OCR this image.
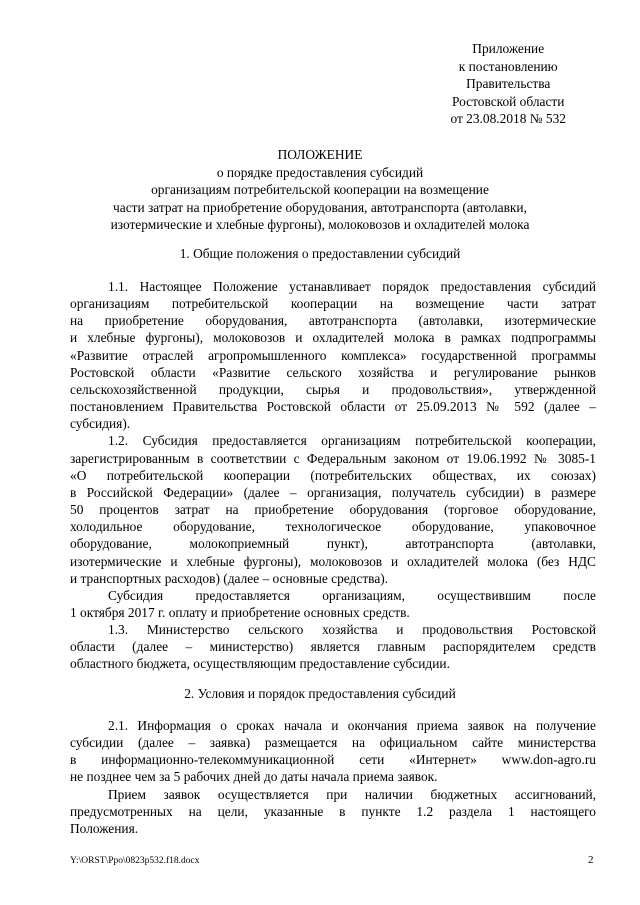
Приложение
к постановлению
Правительства
Ростовской области
от 23.08.2018 № 532
ПОЛОЖЕНИЕ
о порядке предоставления субсидий
организациям потребительской кооперации на возмещение
части затрат на приобретение оборудования, автотранспорта (автолавки,
изотермические и хлебные фургоны), молоковозов и охладителей молока
1. Общие положения о предоставлении субсидий
1.1. Настоящее Положение устанавливает порядок предоставления субсидий
организациям потребительской кооперации на возмещение части затрат
на приобретение оборудования, автотранспорта (автолавки, изотермические
и хлебные фургоны), молоковозов и охладителей молока в рамках подпрограммы
«Развитие отраслей агропромышленного комплекса» государственной программы
Ростовской области «Развитие сельского хозяйства и регулирование рынков
сельскохозяйственной продукции, сырья и продовольствия», утвержденной
постановлением Правительства Ростовской области от 25.09.2013 № 592 (далее –
субсидия).
1.2. Субсидия предоставляется организациям потребительской кооперации,
зарегистрированным в соответствии с Федеральным законом от 19.06.1992 № 3085-1
«О потребительской кооперации (потребительских обществах, их союзах)
в Российской Федерации» (далее – организация, получатель субсидии) в размере
50 процентов затрат на приобретение оборудования (торговое оборудование,
холодильное оборудование, технологическое оборудование, упаковочное
оборудование, молокоприемный пункт), автотранспорта (автолавки,
изотермические и хлебные фургоны), молоковозов и охладителей молока (без НДС
и транспортных расходов) (далее – основные средства).
Субсидия предоставляется организациям, осуществившим после
1 октября 2017 г. оплату и приобретение основных средств.
1.3. Министерство сельского хозяйства и продовольствия Ростовской
области (далее – министерство) является главным распорядителем средств
областного бюджета, осуществляющим предоставление субсидии.
2. Условия и порядок предоставления субсидий
2.1. Информация о сроках начала и окончания приема заявок на получение
субсидии (далее – заявка) размещается на официальном сайте министерства
в информационно-телекоммуникационной сети «Интернет» www.don-agro.ru
не позднее чем за 5 рабочих дней до даты начала приема заявок.
Прием заявок осуществляется при наличии бюджетных ассигнований,
предусмотренных на цели, указанные в пункте 1.2 раздела 1 настоящего
Положения.
Y:\ORST\Ppo\0823p532.f18.docx	2
